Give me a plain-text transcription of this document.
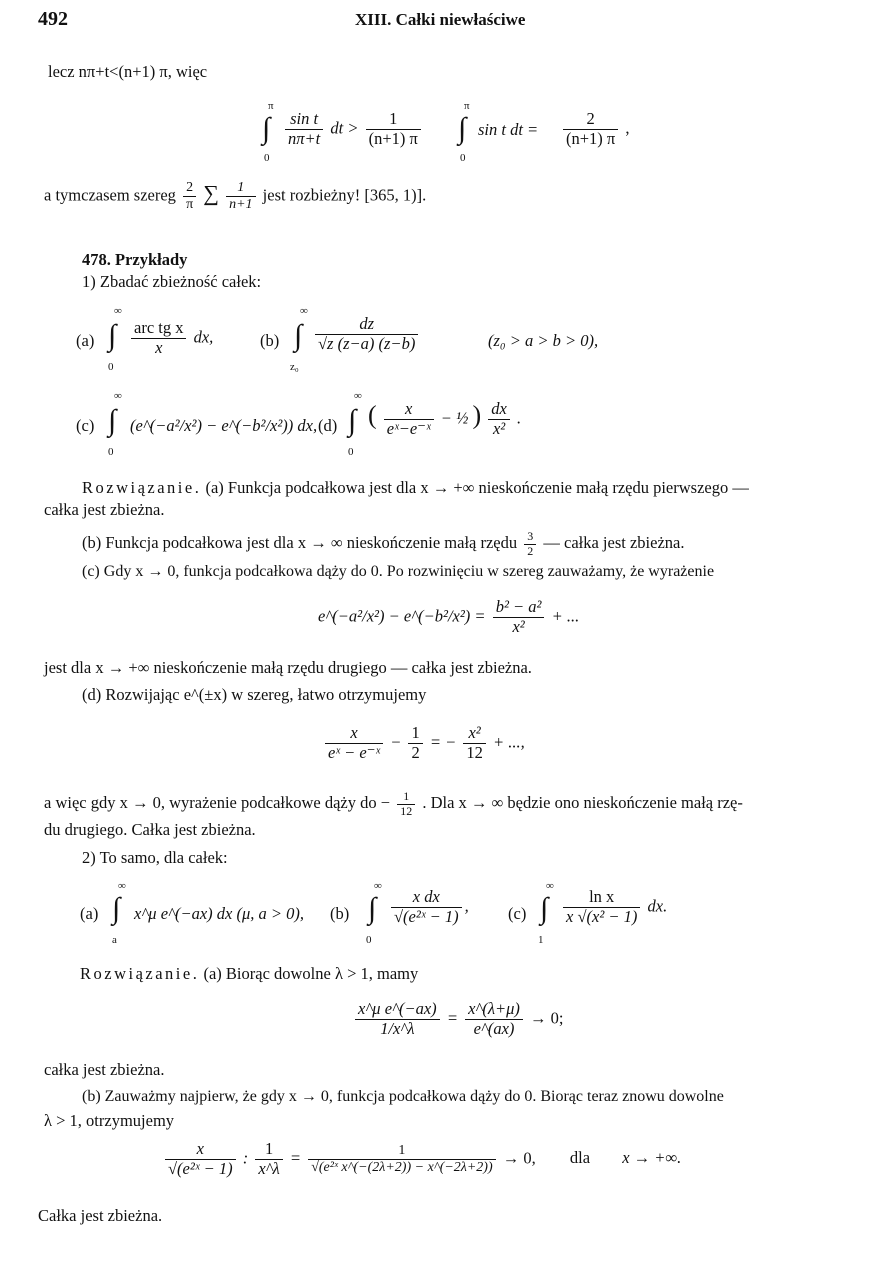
492	XIII. Całki niewłaściwe
lecz nπ+t<(n+1) π, więc
π
∫
0
$\frac{\text{sin t}}{n\pi+t}$ dt > $\frac{1}{(n+1) \pi}$
π
∫
0
sin t dt = $\frac{2}{(n+1) \pi}$ ,
a tymczasem szereg $\frac{2}{\pi}$ ∑ $\frac{1}{n+1}$ jest rozbieżny! [365, 1)].
478. Przykłady
1) Zbadać zbieżność całek:
(a)
∞
∫
0
$\frac{\text{arc tg x}}{x}$ dx,	(b)
∞
∫
z₀
$\frac{dz}{√z (z-a) (z-b)}$	(z₀ > a > b > 0),
(c)
∞
∫
0
(e^(−a²/x²) − e^(−b²/x²)) dx, (d)
∞
∫
0
( $\frac{x}{\text{eˣ−e⁻ˣ}}$ − ½ ) $\frac{dx}{\text{x²}}$ .
Rozwiązanie. (a) Funkcja podcałkowa jest dla x → +∞ nieskończenie małą rzędu pierwszego —
całka jest zbieżna.
(b) Funkcja podcałkowa jest dla x → ∞ nieskończenie małą rzędu $\frac{3}{2}$ — całka jest zbieżna.
(c) Gdy x → 0, funkcja podcałkowa dąży do 0. Po rozwinięciu w szereg zauważamy, że wyrażenie
e^(−a²/x²) − e^(−b²/x²) = $\frac{\text{b² − a²}}{\text{x²}}$ + ...
jest dla x → +∞ nieskończenie małą rzędu drugiego — całka jest zbieżna.
(d) Rozwijając e^(±x) w szereg, łatwo otrzymujemy
$\frac{x}{\text{eˣ − e⁻ˣ}} - \frac{1}{2}$ = − $\frac{\text{x²}}{12}$ + ...,
a więc gdy x → 0, wyrażenie podcałkowe dąży do − $\frac{1}{12}$ . Dla x → ∞ będzie ono nieskończenie małą rzę-
du drugiego. Całka jest zbieżna.
2) To samo, dla całek:
(a)
∞
∫
a
x^μ e^(−ax) dx (μ, a > 0), (b)
∞
∫
0
$\frac{\text{x dx}}{\text{√(e²ˣ − 1)}}$ , (c)
∞
∫
1
$\frac{\text{ln x}}{\text{x √(x² − 1)}}$ dx.
Rozwiązanie. (a) Biorąc dowolne λ > 1, mamy
$\frac{\text{x\textasciicircum{}μ e\textasciicircum{}(−ax)}}{1/x\^{}\lambda} = \frac{x\^{}(\lambda+\mu)}{e\^{}(ax)} \to 0$;
całka jest zbieżna.
(b) Zauważmy najpierw, że gdy x → 0, funkcja podcałkowa dąży do 0. Biorąc teraz znowu dowolne
λ > 1, otrzymujemy
$\frac{x}{\text{√(e²ˣ − 1)}}$ : $\frac{1}{x\^{}\lambda} = \frac{1}{\text{√(e²ˣ x\textasciicircum{}(−(2λ+2)) − x\textasciicircum{}(−2λ+2))}} \to 0$, dla x → +∞.
Całka jest zbieżna.
